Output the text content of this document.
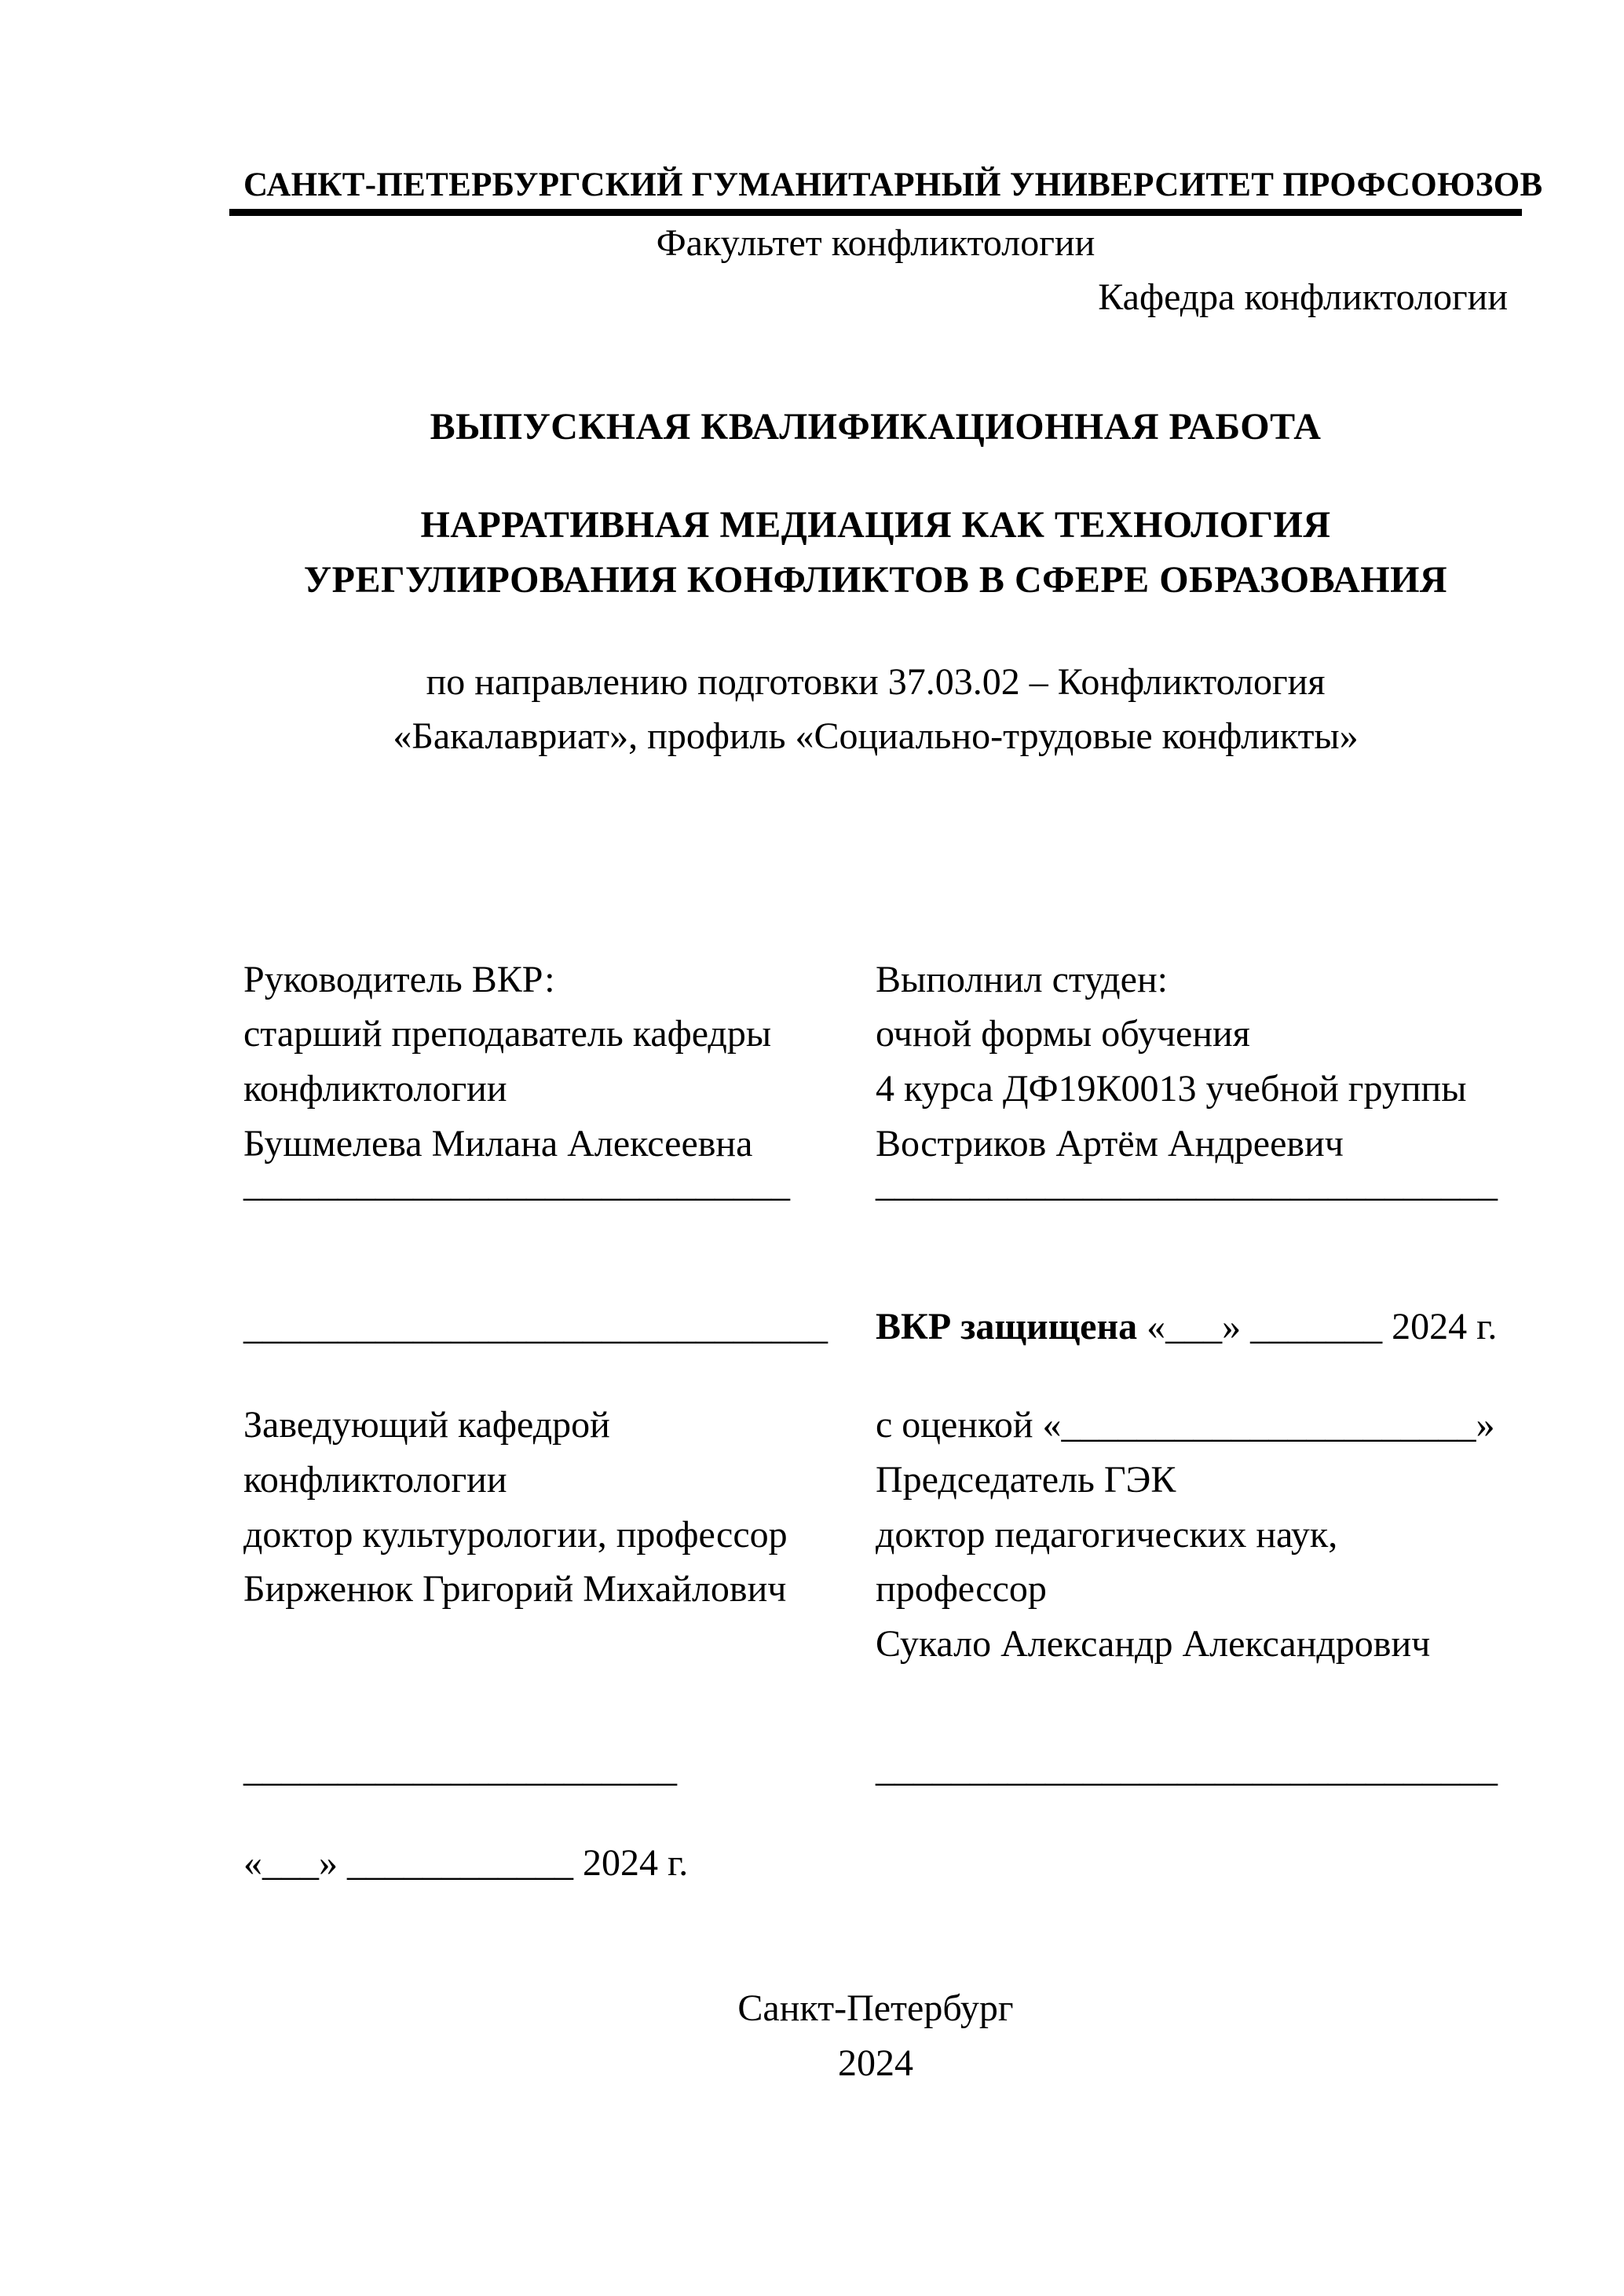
САНКТ-ПЕТЕРБУРГСКИЙ ГУМАНИТАРНЫЙ УНИВЕРСИТЕТ ПРОФСОЮЗОВ
Факультет конфликтологии
Кафедра конфликтологии
ВЫПУСКНАЯ КВАЛИФИКАЦИОННАЯ РАБОТА
НАРРАТИВНАЯ МЕДИАЦИЯ КАК ТЕХНОЛОГИЯ
УРЕГУЛИРОВАНИЯ КОНФЛИКТОВ В СФЕРЕ ОБРАЗОВАНИЯ
по направлению подготовки 37.03.02 – Конфликтология
«Бакалавриат», профиль «Социально-трудовые конфликты»
Руководитель ВКР:
старший преподаватель кафедры
конфликтологии
Бушмелева Милана Алексеевна
_____________________________
Выполнил студен:
очной формы обучения
4 курса ДФ19К0013 учебной группы
Востриков Артём Андреевич
_________________________________
_______________________________	ВКР защищена «___» _______ 2024 г.
Заведующий кафедрой
конфликтологии
доктор культурологии, профессор
Бирженюк Григорий Михайлович
с оценкой «______________________»
Председатель ГЭК
доктор педагогических наук,
профессор
Сукало Александр Александрович
_______________________	_________________________________
«___» ____________ 2024 г.
Санкт-Петербург
2024
